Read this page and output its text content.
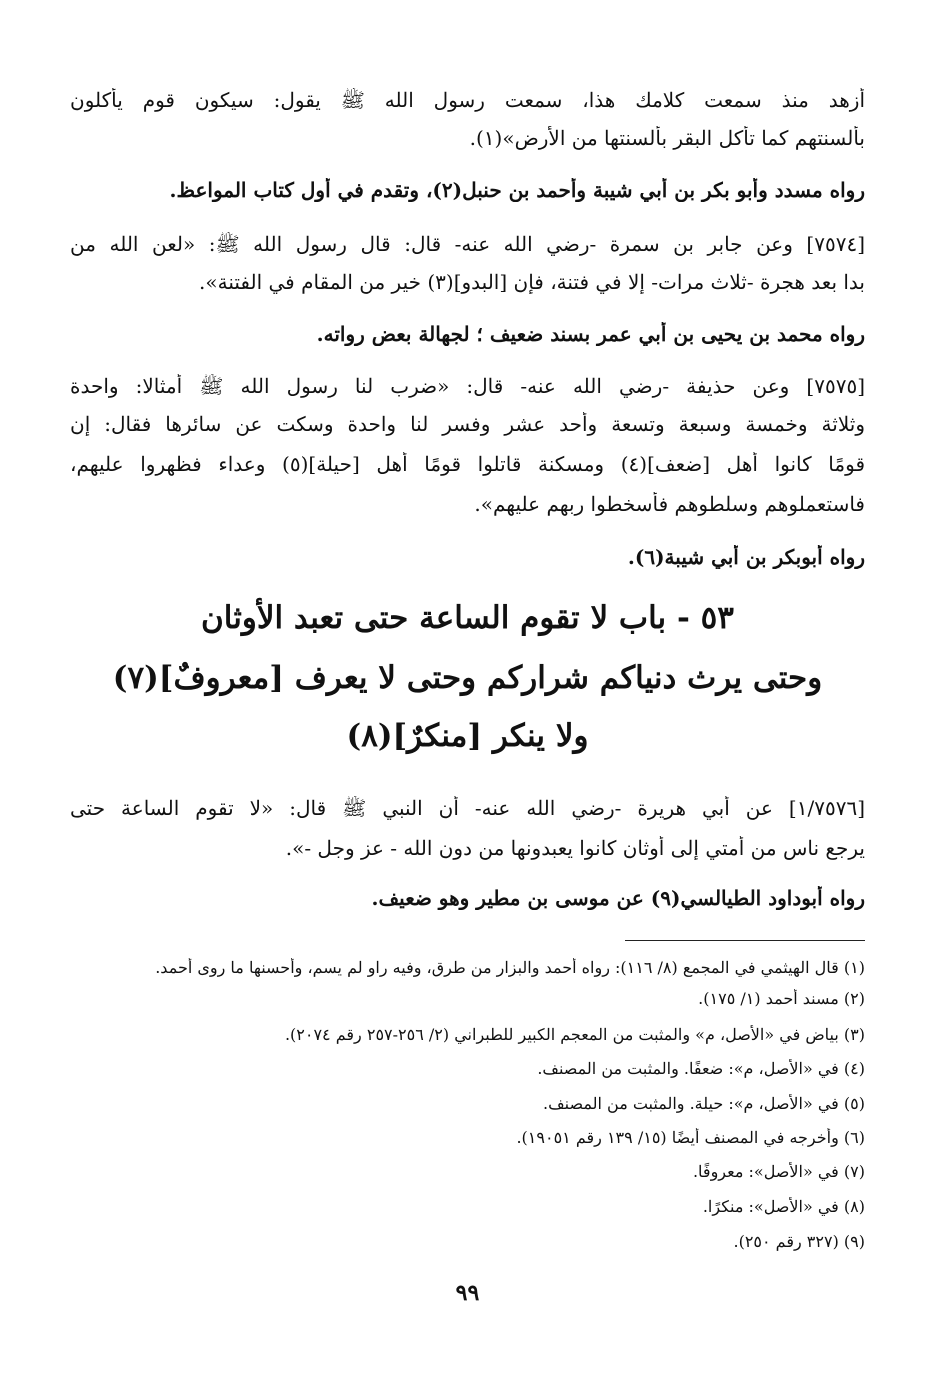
أزهد منذ سمعت كلامك هذا، سمعت رسول الله ﷺ يقول: سيكون قوم يأكلون
بألسنتهم كما تأكل البقر بألسنتها من الأرض»(١).
رواه مسدد وأبو بكر بن أبي شيبة وأحمد بن حنبل(٢)، وتقدم في أول كتاب المواعظ.
[٧٥٧٤] وعن جابر بن سمرة -رضي الله عنه- قال: قال رسول الله ﷺ: «لعن الله من
بدا بعد هجرة -ثلاث مرات- إلا في فتنة، فإن [البدو](٣) خير من المقام في الفتنة».
رواه محمد بن يحيى بن أبي عمر بسند ضعيف ؛ لجهالة بعض رواته.
[٧٥٧٥] وعن حذيفة -رضي الله عنه- قال: «ضرب لنا رسول الله ﷺ أمثالا: واحدة
وثلاثة وخمسة وسبعة وتسعة وأحد عشر وفسر لنا واحدة وسكت عن سائرها فقال: إن
قومًا كانوا أهل [ضعف](٤) ومسكنة قاتلوا قومًا أهل [حيلة](٥) وعداء فظهروا عليهم،
فاستعملوهم وسلطوهم فأسخطوا ربهم عليهم».
رواه أبوبكر بن أبي شيبة(٦).
٥٣ - باب لا تقوم الساعة حتى تعبد الأوثان
وحتى يرث دنياكم شراركم وحتى لا يعرف [معروفٌ](٧)
ولا ينكر [منكرٌ](٨)
[١/٧٥٧٦] عن أبي هريرة -رضي الله عنه- أن النبي ﷺ قال: «لا تقوم الساعة حتى
يرجع ناس من أمتي إلى أوثان كانوا يعبدونها من دون الله - عز وجل -».
رواه أبوداود الطيالسي(٩) عن موسى بن مطير وهو ضعيف.
(١) قال الهيثمي في المجمع (٨/ ١١٦): رواه أحمد والبزار من طرق، وفيه راو لم يسم، وأحسنها ما روى أحمد.
(٢) مسند أحمد (١/ ١٧٥).
(٣) بياض في «الأصل، م» والمثبت من المعجم الكبير للطبراني (٢/ ٢٥٦-٢٥٧ رقم ٢٠٧٤).
(٤) في «الأصل، م»: ضعفًا. والمثبت من المصنف.
(٥) في «الأصل، م»: حيلة. والمثبت من المصنف.
(٦) وأخرجه في المصنف أيضًا (١٥/ ١٣٩ رقم ١٩٠٥١).
(٧) في «الأصل»: معروفًا.
(٨) في «الأصل»: منكرًا.
(٩) (٣٢٧ رقم ٢٥٠).
٩٩
